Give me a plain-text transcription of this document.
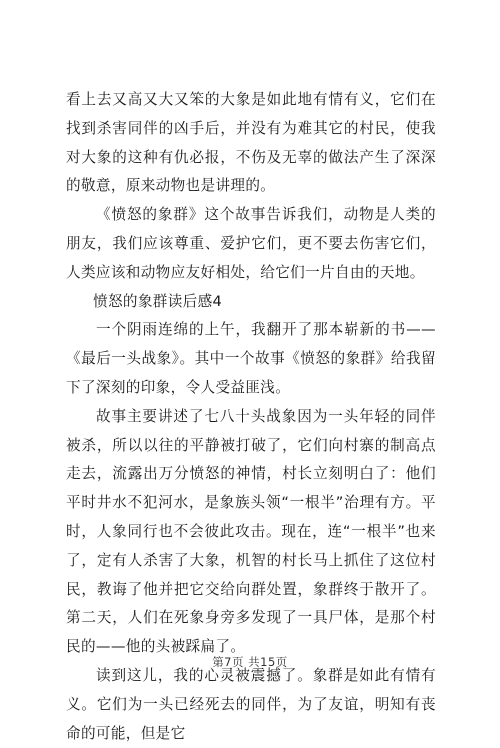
看上去又高又大又笨的大象是如此地有情有义，它们在找到杀害同伴的凶手后，并没有为难其它的村民，使我对大象的这种有仇必报，不伤及无辜的做法产生了深深的敬意，原来动物也是讲理的。

《愤怒的象群》这个故事告诉我们，动物是人类的朋友，我们应该尊重、爱护它们，更不要去伤害它们，人类应该和动物应友好相处，给它们一片自由的天地。

愤怒的象群读后感4

一个阴雨连绵的上午，我翻开了那本崭新的书——《最后一头战象》。其中一个故事《愤怒的象群》给我留下了深刻的印象，令人受益匪浅。

故事主要讲述了七八十头战象因为一头年轻的同伴被杀，所以以往的平静被打破了，它们向村寨的制高点走去，流露出万分愤怒的神情，村长立刻明白了：他们平时井水不犯河水，是象族头领“一根半”治理有方。平时，人象同行也不会彼此攻击。现在，连“一根半”也来了，定有人杀害了大象，机智的村长马上抓住了这位村民，教诲了他并把它交给向群处置，象群终于散开了。第二天，人们在死象身旁多发现了一具尸体，是那个村民的——他的头被踩扁了。

读到这儿，我的心灵被震撼了。象群是如此有情有义。它们为一头已经死去的同伴，为了友谊，明知有丧命的可能，但是它

第7页 共15页
